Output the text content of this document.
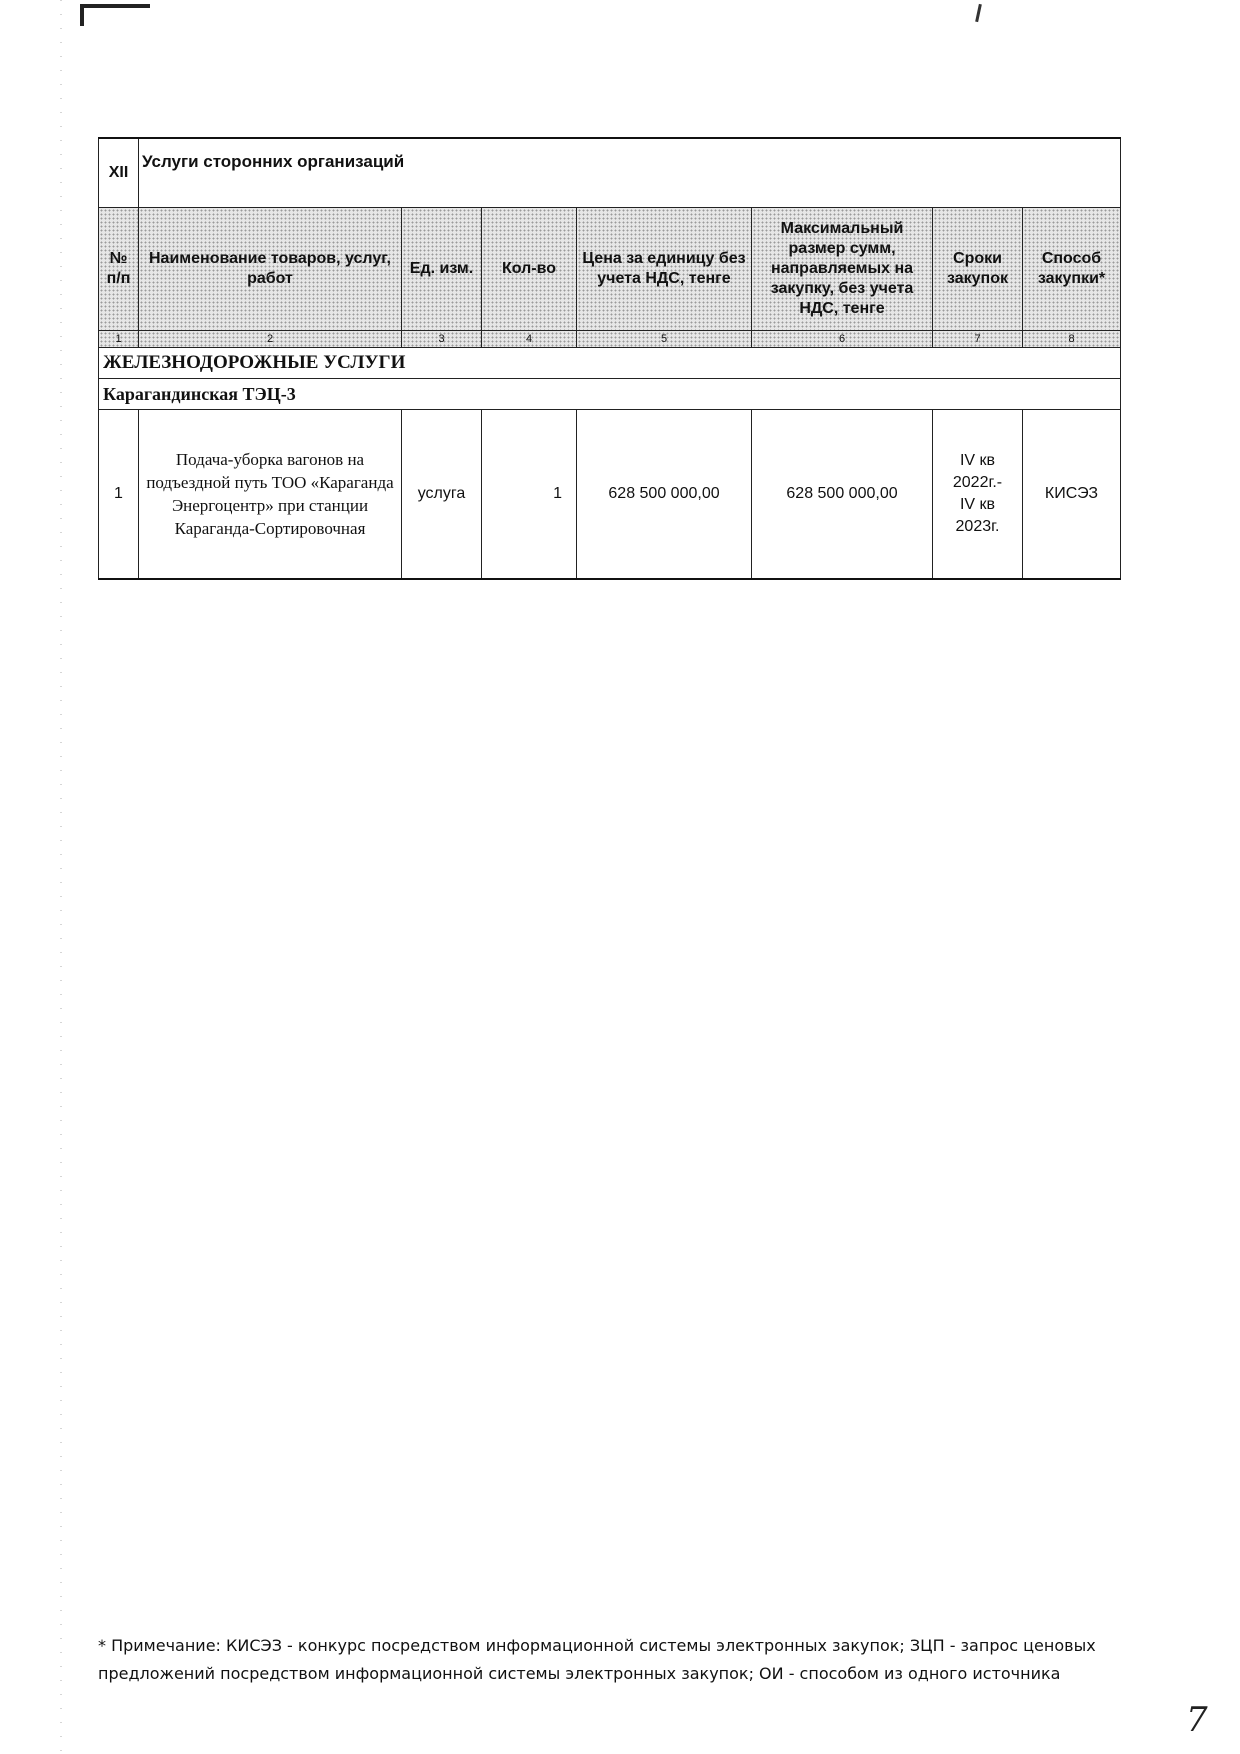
XII	Услуги сторонних организаций						
№ п/п	Наименование товаров, услуг, работ	Ед. изм.	Кол-во	Цена за единицу без учета НДС, тенге	Максимальный размер сумм, направляемых на закупку, без учета НДС, тенге	Сроки закупок	Способ закупки*
1	2	3	4	5	6	7	8
ЖЕЛЕЗНОДОРОЖНЫЕ УСЛУГИ							
Карагандинская ТЭЦ-3							
1	Подача-уборка вагонов на подъездной путь ТОО «Караганда Энергоцентр» при станции Караганда-Сортировочная	услуга	1	628 500 000,00	628 500 000,00	IV кв 2022г.- IV кв 2023г.	КИСЭЗ
* Примечание: КИСЭЗ - конкурс посредством информационной системы электронных закупок; ЗЦП - запрос ценовых предложений посредством информационной системы электронных закупок; ОИ - способом из одного источника
7
